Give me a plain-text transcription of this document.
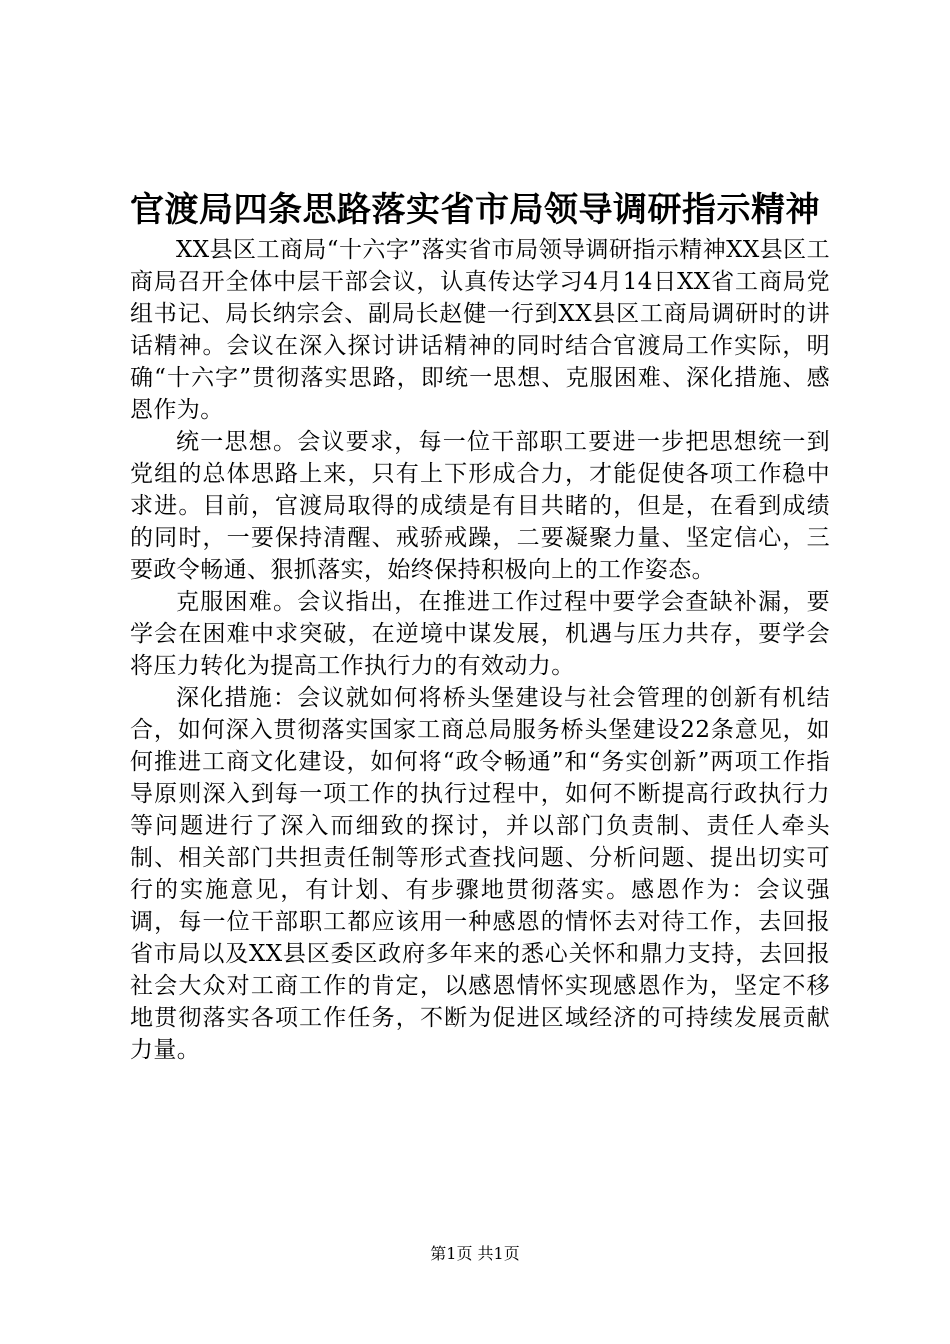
官渡局四条思路落实省市局领导调研指示精神

XX县区工商局“十六字”落实省市局领导调研指示精神XX县区工商局召开全体中层干部会议，认真传达学习4月14日XX省工商局党组书记、局长纳宗会、副局长赵健一行到XX县区工商局调研时的讲话精神。会议在深入探讨讲话精神的同时结合官渡局工作实际，明确“十六字”贯彻落实思路，即统一思想、克服困难、深化措施、感恩作为。

统一思想。会议要求，每一位干部职工要进一步把思想统一到党组的总体思路上来，只有上下形成合力，才能促使各项工作稳中求进。目前，官渡局取得的成绩是有目共睹的，但是，在看到成绩的同时，一要保持清醒、戒骄戒躁，二要凝聚力量、坚定信心，三要政令畅通、狠抓落实，始终保持积极向上的工作姿态。

克服困难。会议指出，在推进工作过程中要学会查缺补漏，要学会在困难中求突破，在逆境中谋发展，机遇与压力共存，要学会将压力转化为提高工作执行力的有效动力。

深化措施：会议就如何将桥头堡建设与社会管理的创新有机结合，如何深入贯彻落实国家工商总局服务桥头堡建设22条意见，如何推进工商文化建设，如何将“政令畅通”和“务实创新”两项工作指导原则深入到每一项工作的执行过程中，如何不断提高行政执行力等问题进行了深入而细致的探讨，并以部门负责制、责任人牵头制、相关部门共担责任制等形式查找问题、分析问题、提出切实可行的实施意见，有计划、有步骤地贯彻落实。感恩作为：会议强调，每一位干部职工都应该用一种感恩的情怀去对待工作，去回报省市局以及XX县区委区政府多年来的悉心关怀和鼎力支持，去回报社会大众对工商工作的肯定，以感恩情怀实现感恩作为，坚定不移地贯彻落实各项工作任务，不断为促进区域经济的可持续发展贡献力量。

第1页 共1页
